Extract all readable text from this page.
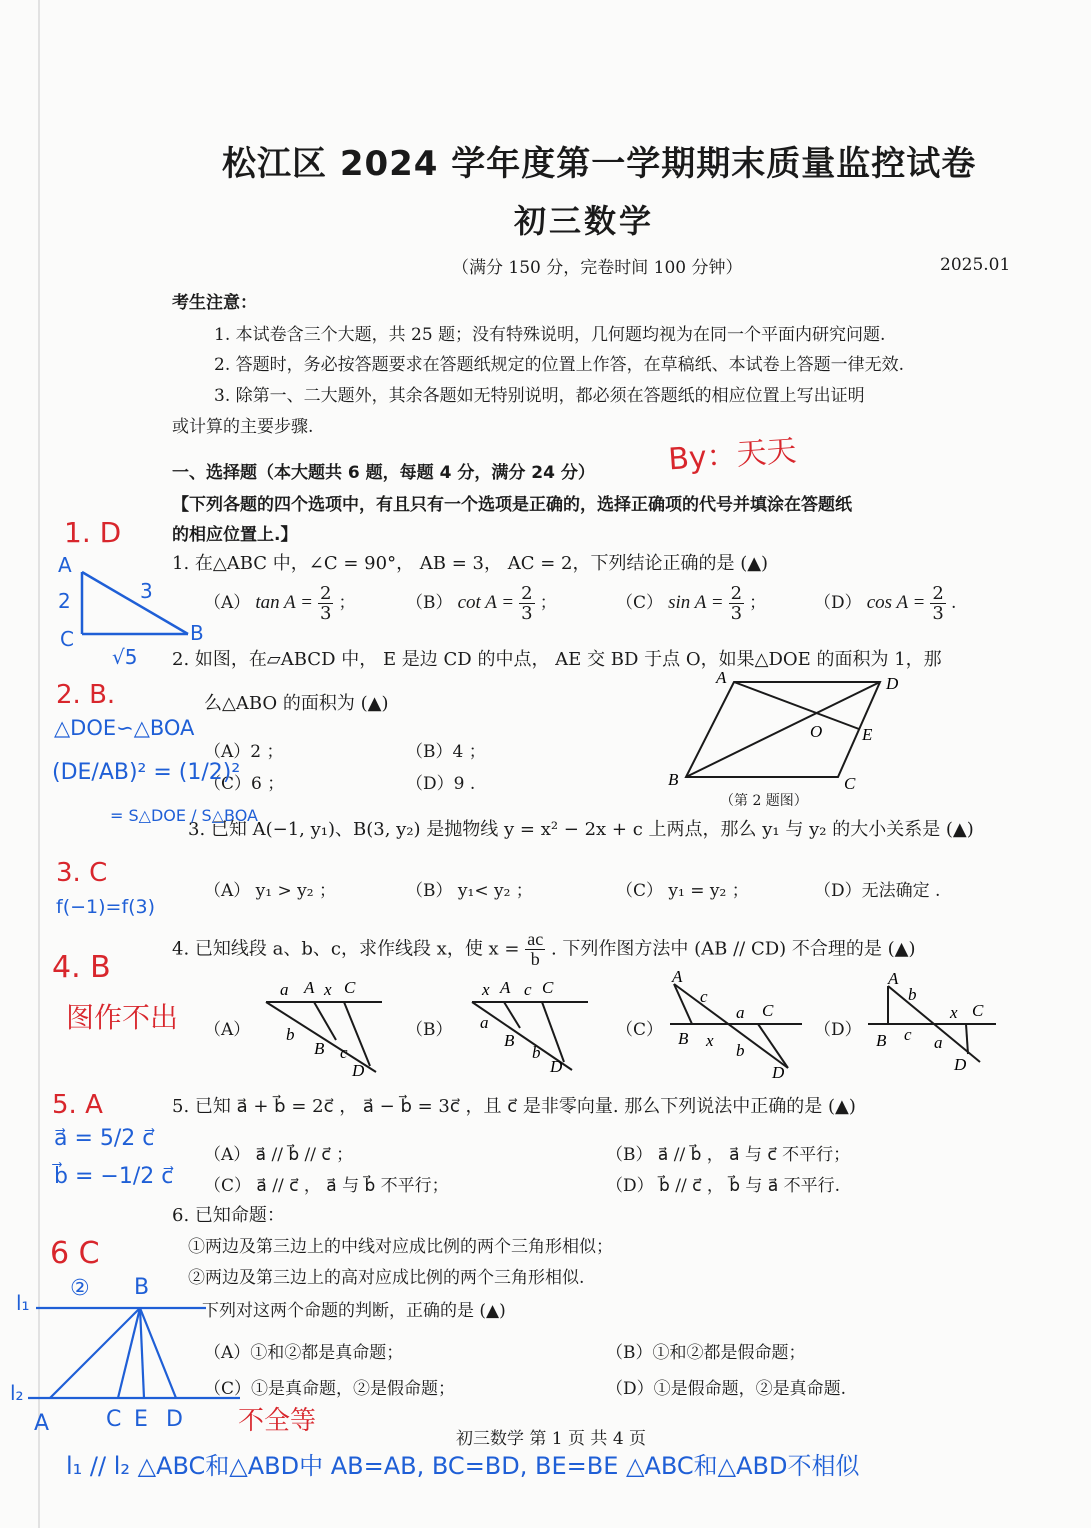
松江区 2024 学年度第一学期期末质量监控试卷
初三数学
（满分 150 分，完卷时间 100 分钟）	2025.01
考生注意：
1. 本试卷含三个大题，共 25 题；没有特殊说明，几何题均视为在同一个平面内研究问题.
2. 答题时，务必按答题要求在答题纸规定的位置上作答，在草稿纸、本试卷上答题一律无效.
3. 除第一、二大题外，其余各题如无特别说明，都必须在答题纸的相应位置上写出证明
或计算的主要步骤.
一、选择题（本大题共 6 题，每题 4 分，满分 24 分）
【下列各题的四个选项中，有且只有一个选项是正确的，选择正确项的代号并填涂在答题纸
的相应位置上.】
1. 在△ABC 中，∠C = 90°， AB = 3， AC = 2，下列结论正确的是 (▲)
（A） $\tan A = \frac{2}{3}$ ；	（B） $\cot A = \frac{2}{3}$ ；	（C） $\sin A = \frac{2}{3}$ ；	（D） $\cos A = \frac{2}{3}$ .
2. 如图，在▱ABCD 中， E 是边 CD 的中点， AE 交 BD 于点 O，如果△DOE 的面积为 1，那
么△ABO 的面积为 (▲)
（A）2 ；	（B）4 ；
（C）6 ；	（D）9 .
A	D
O E
B	C
（第 2 题图）
3. 已知 A(−1, y₁)、B(3, y₂) 是抛物线 y = x² − 2x + c 上两点，那么 y₁ 与 y₂ 的大小关系是 (▲)
（A） y₁ > y₂ ；	（B） y₁< y₂ ；	（C） y₁ = y₂ ；	（D）无法确定 .
4. 已知线段 a、b、c，求作线段 x，使 $x = \frac{ac}{b}$ . 下列作图方法中 (AB // CD) 不合理的是 (▲)
（A）
a A x C
b
B c
D
（B）
x A c C
a
B
b
D
（C）
A
c
a C
B x
b
D
（D）
A
b
x C
B c a
D
5. 已知 a⃗ + b⃗ = 2c⃗ ， a⃗ − b⃗ = 3c⃗ ，且 c⃗ 是非零向量. 那么下列说法中正确的是 (▲)
（A） a⃗ // b⃗ // c⃗ ；	（B） a⃗ // b⃗ ， a⃗ 与 c⃗ 不平行；
（C） a⃗ // c⃗ ， a⃗ 与 b⃗ 不平行；	（D） b⃗ // c⃗ ， b⃗ 与 a⃗ 不平行.
6. 已知命题：
①两边及第三边上的中线对应成比例的两个三角形相似；
②两边及第三边上的高对应成比例的两个三角形相似.
下列对这两个命题的判断，正确的是 (▲)
（A）①和②都是真命题；	（B）①和②都是假命题；
（C）①是真命题，②是假命题；	（D）①是假命题，②是真命题.
初三数学 第 1 页 共 4 页
By：天天
1. D
A
2	3
C
√5
B
2. B.
△DOE∽△BOA
(DE/AB)² = (1/2)²
= S△DOE / S△BOA
3. C
f(−1)=f(3)
4. B
图作不出
5. A
a⃗ = 5/2 c⃗
b⃗ = −1/2 c⃗
6 C
②
l₁
B
l₂
A	C E D 不全等
l₁ // l₂ △ABC和△ABD中 AB=AB, BC=BD, BE=BE △ABC和△ABD不相似
